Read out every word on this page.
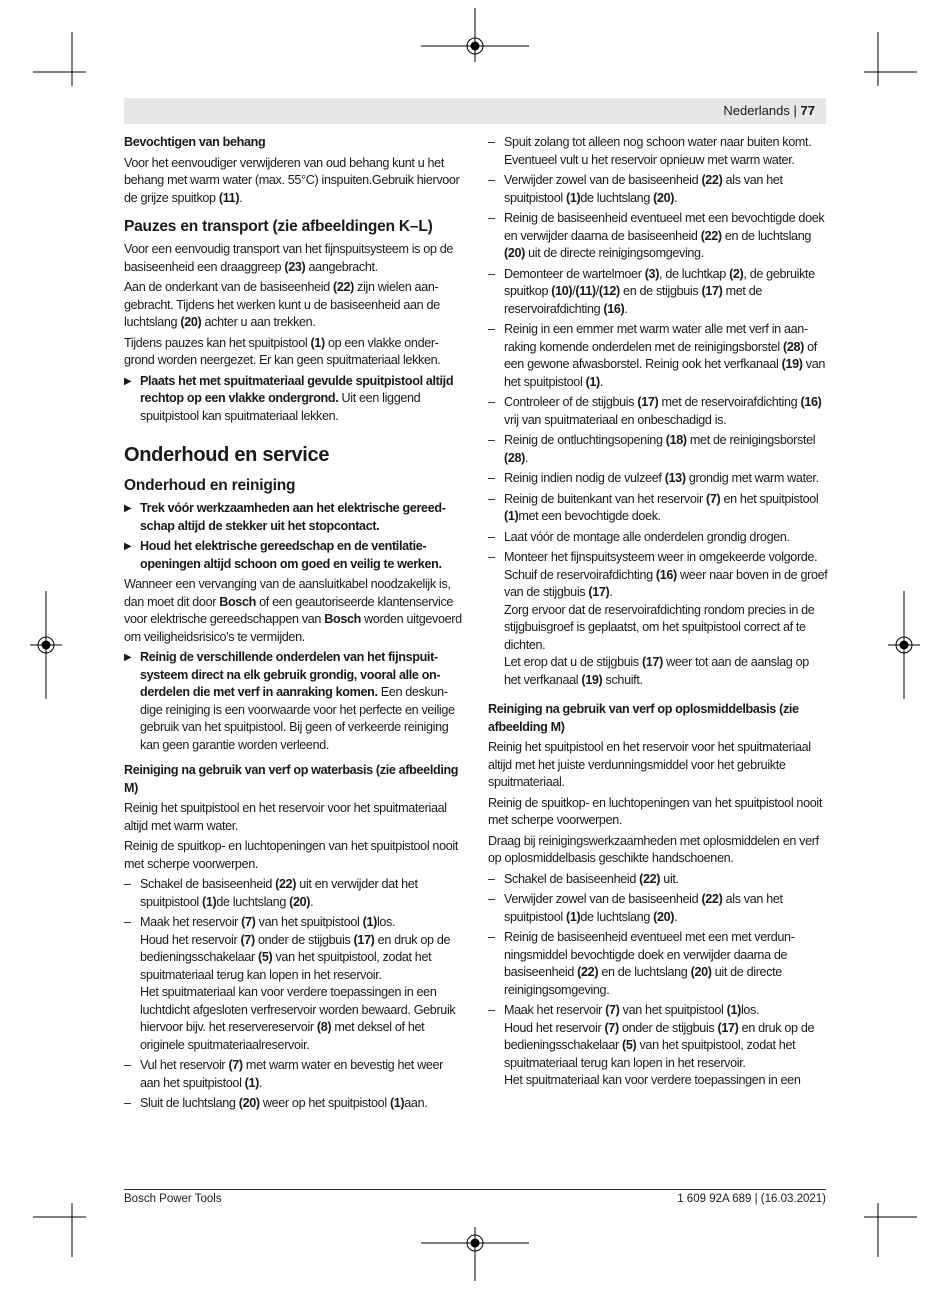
Nederlands | 77

Bevochtigen van behang

Voor het eenvoudiger verwijderen van oud behang kunt u het behang met warm water (max. 55°C) inspuiten.Gebruik hiervoor de grijze spuitkop (11).

Pauzes en transport (zie afbeeldingen K–L)

Voor een eenvoudig transport van het fijnspuitsysteem is op de basiseenheid een draaggreep (23) aangebracht.

Aan de onderkant van de basiseenheid (22) zijn wielen aangebracht. Tijdens het werken kunt u de basiseenheid aan de luchtslang (20) achter u aan trekken.

Tijdens pauzes kan het spuitpistool (1) op een vlakke ondergrond worden neergezet. Er kan geen spuitmateriaal lekken.

▶ Plaats het met spuitmateriaal gevulde spuitpistool altijd rechtop op een vlakke ondergrond. Uit een liggend spuitpistool kan spuitmateriaal lekken.
Onderhoud en service
Onderhoud en reiniging
▶ Trek vóór werkzaamheden aan het elektrische gereedschap altijd de stekker uit het stopcontact.
▶ Houd het elektrische gereedschap en de ventilatieopeningen altijd schoon om goed en veilig te werken.

Wanneer een vervanging van de aansluitkabel noodzakelijk is, dan moet dit door Bosch of een geautoriseerde klantenservice voor elektrische gereedschappen van Bosch worden uitgevoerd om veiligheidsrisico's te vermijden.

▶ Reinig de verschillende onderdelen van het fijnspuitsysteem direct na elk gebruik grondig, vooral alle onderdelen die met verf in aanraking komen. Een deskundige reiniging is een voorwaarde voor het perfecte en veilige gebruik van het spuitpistool. Bij geen of verkeerde reiniging kan geen garantie worden verleend.

Reiniging na gebruik van verf op waterbasis (zie afbeelding M)

Reinig het spuitpistool en het reservoir voor het spuitmateriaal altijd met warm water.

Reinig de spuitkop- en luchtopeningen van het spuitpistool nooit met scherpe voorwerpen.

– Schakel de basiseenheid (22) uit en verwijder dat het spuitpistool (1)de luchtslang (20).
– Maak het reservoir (7) van het spuitpistool (1)los.
Houd het reservoir (7) onder de stijgbuis (17) en druk op de bedieningsschakelaar (5) van het spuitpistool, zodat het spuitmateriaal terug kan lopen in het reservoir.
Het spuitmateriaal kan voor verdere toepassingen in een luchtdicht afgesloten verfreservoir worden bewaard. Gebruik hiervoor bijv. het reservereservoir (8) met deksel of het originele spuitmateriaalreservoir.
– Vul het reservoir (7) met warm water en bevestig het weer aan het spuitpistool (1).
– Sluit de luchtslang (20) weer op het spuitpistool (1)aan.
– Spuit zolang tot alleen nog schoon water naar buiten komt. Eventueel vult u het reservoir opnieuw met warm water.
– Verwijder zowel van de basiseenheid (22) als van het spuitpistool (1)de luchtslang (20).
– Reinig de basiseenheid eventueel met een bevochtigde doek en verwijder daarna de basiseenheid (22) en de luchtslang (20) uit de directe reinigingsomgeving.
– Demonteer de wartelmoer (3), de luchtkap (2), de gebruikte spuitkop (10)/(11)/(12) en de stijgbuis (17) met de reservoirafdichting (16).
– Reinig in een emmer met warm water alle met verf in aanraking komende onderdelen met de reinigingsborstel (28) of een gewone afwasborstel. Reinig ook het verfkanaal (19) van het spuitpistool (1).
– Controleer of de stijgbuis (17) met de reservoirafdichting (16) vrij van spuitmateriaal en onbeschadigd is.
– Reinig de ontluchtingsopening (18) met de reinigingsborstel (28).
– Reinig indien nodig de vulzeef (13) grondig met warm water.
– Reinig de buitenkant van het reservoir (7) en het spuitpistool (1)met een bevochtigde doek.
– Laat vóór de montage alle onderdelen grondig drogen.
– Monteer het fijnspuitsysteem weer in omgekeerde volgorde.
Schuif de reservoirafdichting (16) weer naar boven in de groef van de stijgbuis (17).
Zorg ervoor dat de reservoirafdichting rondom precies in de stijgbuisgroef is geplaatst, om het spuitpistool correct af te dichten.
Let erop dat u de stijgbuis (17) weer tot aan de aanslag op het verfkanaal (19) schuift.

Reiniging na gebruik van verf op oplosmiddelbasis (zie afbeelding M)

Reinig het spuitpistool en het reservoir voor het spuitmateriaal altijd met het juiste verdunningsmiddel voor het gebruikte spuitmateriaal.

Reinig de spuitkop- en luchtopeningen van het spuitpistool nooit met scherpe voorwerpen.

Draag bij reinigingswerkzaamheden met oplosmiddelen en verf op oplosmiddelbasis geschikte handschoenen.

– Schakel de basiseenheid (22) uit.
– Verwijder zowel van de basiseenheid (22) als van het spuitpistool (1)de luchtslang (20).
– Reinig de basiseenheid eventueel met een met verdunningsmiddel bevochtigde doek en verwijder daarna de basiseenheid (22) en de luchtslang (20) uit de directe reinigingsomgeving.
– Maak het reservoir (7) van het spuitpistool (1)los.
Houd het reservoir (7) onder de stijgbuis (17) en druk op de bedieningsschakelaar (5) van het spuitpistool, zodat het spuitmateriaal terug kan lopen in het reservoir.
Het spuitmateriaal kan voor verdere toepassingen in een
Bosch Power Tools	1 609 92A 689 | (16.03.2021)
